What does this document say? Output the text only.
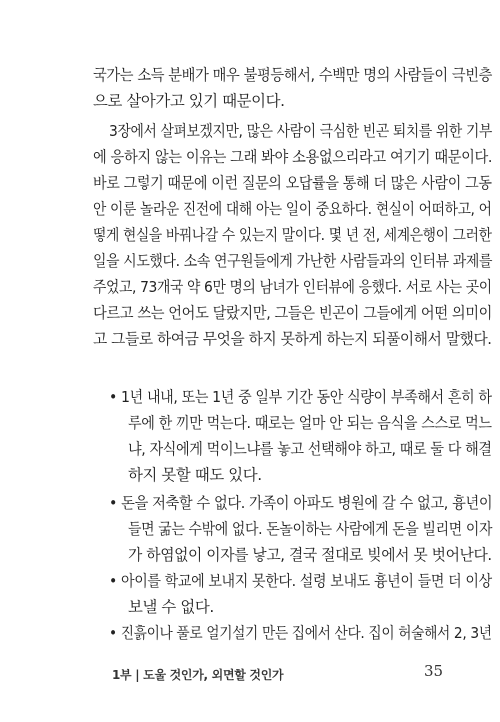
국가는 소득 분배가 매우 불평등해서, 수백만 명의 사람들이 극빈층
으로 살아가고 있기 때문이다.
3장에서 살펴보겠지만, 많은 사람이 극심한 빈곤 퇴치를 위한 기부
에 응하지 않는 이유는 그래 봐야 소용없으리라고 여기기 때문이다.
바로 그렇기 때문에 이런 질문의 오답률을 통해 더 많은 사람이 그동
안 이룬 놀라운 진전에 대해 아는 일이 중요하다. 현실이 어떠하고, 어
떻게 현실을 바꿔나갈 수 있는지 말이다. 몇 년 전, 세계은행이 그러한
일을 시도했다. 소속 연구원들에게 가난한 사람들과의 인터뷰 과제를
주었고, 73개국 약 6만 명의 남녀가 인터뷰에 응했다. 서로 사는 곳이
다르고 쓰는 언어도 달랐지만, 그들은 빈곤이 그들에게 어떤 의미이
고 그들로 하여금 무엇을 하지 못하게 하는지 되풀이해서 말했다.
• 1년 내내, 또는 1년 중 일부 기간 동안 식량이 부족해서 흔히 하
루에 한 끼만 먹는다. 때로는 얼마 안 되는 음식을 스스로 먹느
냐, 자식에게 먹이느냐를 놓고 선택해야 하고, 때로 둘 다 해결
하지 못할 때도 있다.
• 돈을 저축할 수 없다. 가족이 아파도 병원에 갈 수 없고, 흉년이
들면 굶는 수밖에 없다. 돈놀이하는 사람에게 돈을 빌리면 이자
가 하염없이 이자를 낳고, 결국 절대로 빚에서 못 벗어난다.
• 아이를 학교에 보내지 못한다. 설령 보내도 흉년이 들면 더 이상
보낼 수 없다.
• 진흙이나 풀로 얼기설기 만든 집에서 산다. 집이 허술해서 2, 3년
1부 | 도울 것인가, 외면할 것인가	35
